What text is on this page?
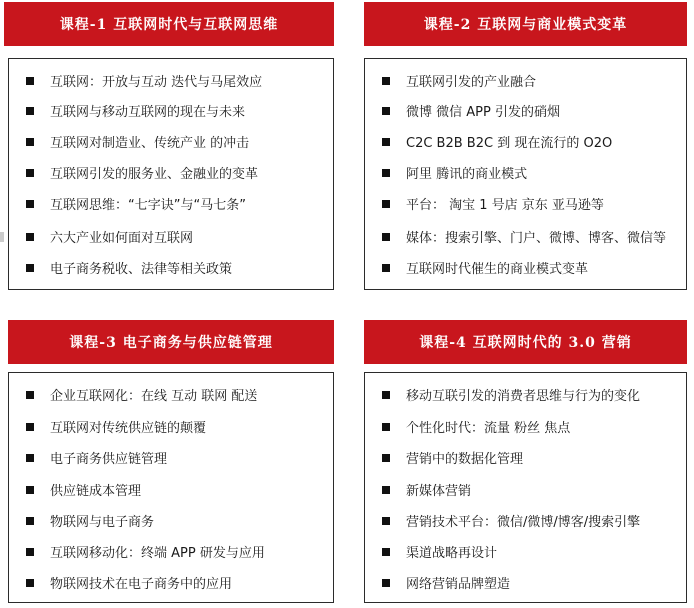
课程-1 互联网时代与互联网思维
互联网：开放与互动 迭代与马尾效应
互联网与移动互联网的现在与未来
互联网对制造业、传统产业 的冲击
互联网引发的服务业、金融业的变革
互联网思维：“七字诀”与“马七条”
六大产业如何面对互联网
电子商务税收、法律等相关政策
课程-2 互联网与商业模式变革
互联网引发的产业融合
微博 微信 APP 引发的硝烟
C2C B2B B2C 到 现在流行的 O2O
阿里 腾讯的商业模式
平台： 淘宝 1 号店 京东 亚马逊等
媒体：搜索引擎、门户、微博、博客、微信等
互联网时代催生的商业模式变革
课程-3 电子商务与供应链管理
企业互联网化：在线 互动 联网 配送
互联网对传统供应链的颠覆
电子商务供应链管理
供应链成本管理
物联网与电子商务
互联网移动化：终端 APP 研发与应用
物联网技术在电子商务中的应用
课程-4 互联网时代的 3.0 营销
移动互联引发的消费者思维与行为的变化
个性化时代：流量 粉丝 焦点
营销中的数据化管理
新媒体营销
营销技术平台：微信/微博/博客/搜索引擎
渠道战略再设计
网络营销品牌塑造
